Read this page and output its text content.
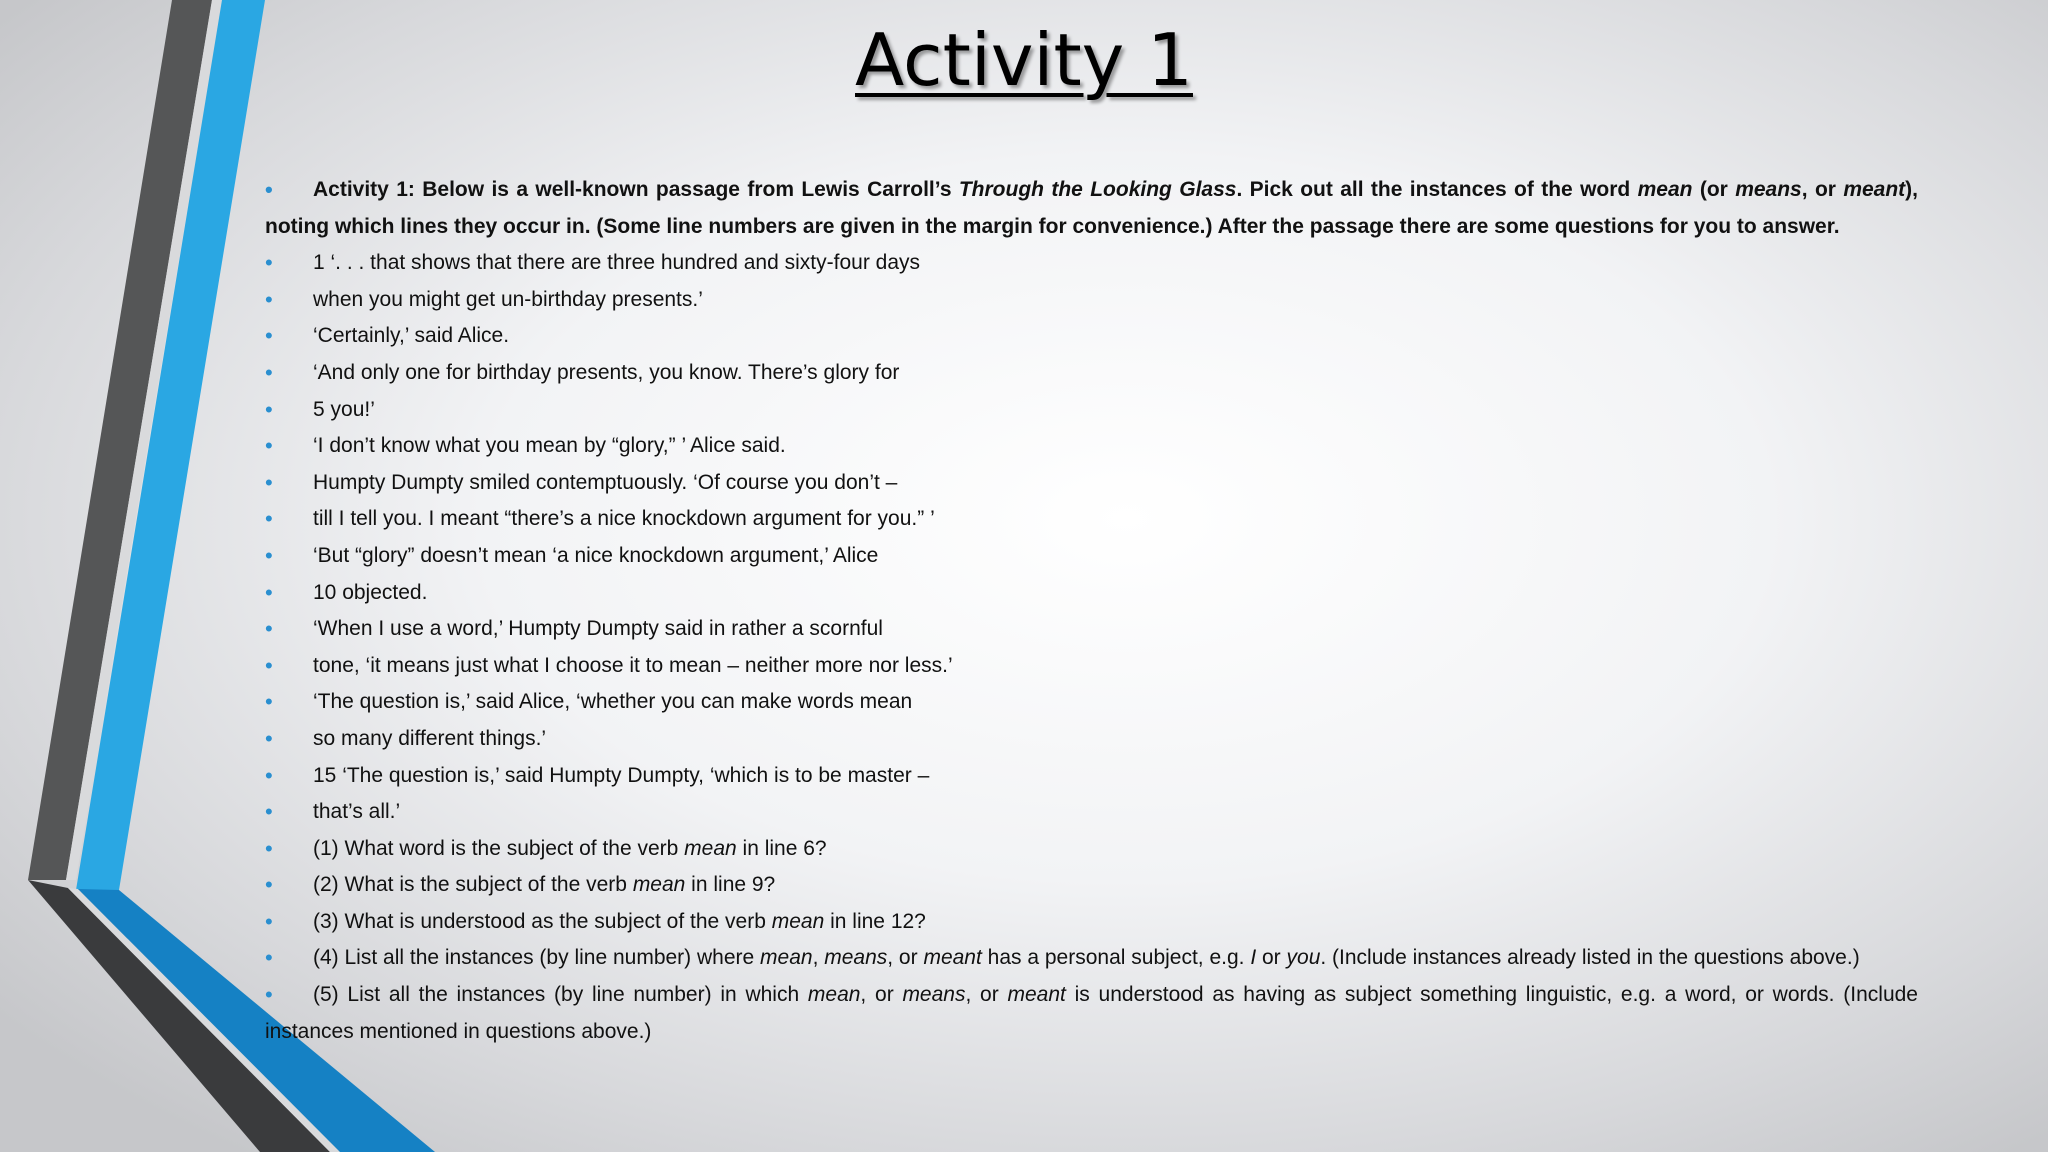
Activity 1
• Activity 1: Below is a well-known passage from Lewis Carroll’s Through the Looking Glass. Pick out all the instances of the word mean (or means, or meant), noting which lines they occur in. (Some line numbers are given in the margin for convenience.) After the passage there are some questions for you to answer.
• 1 ‘. . . that shows that there are three hundred and sixty-four days
• when you might get un-birthday presents.’
• ‘Certainly,’ said Alice.
• ‘And only one for birthday presents, you know. There’s glory for
• 5 you!’
• ‘I don’t know what you mean by “glory,” ’ Alice said.
• Humpty Dumpty smiled contemptuously. ‘Of course you don’t –
• till I tell you. I meant “there’s a nice knockdown argument for you.” ’
• ‘But “glory” doesn’t mean ‘a nice knockdown argument,’ Alice
• 10 objected.
• ‘When I use a word,’ Humpty Dumpty said in rather a scornful
• tone, ‘it means just what I choose it to mean – neither more nor less.’
• ‘The question is,’ said Alice, ‘whether you can make words mean
• so many different things.’
• 15 ‘The question is,’ said Humpty Dumpty, ‘which is to be master –
• that’s all.’
• (1) What word is the subject of the verb mean in line 6?
• (2) What is the subject of the verb mean in line 9?
• (3) What is understood as the subject of the verb mean in line 12?
• (4) List all the instances (by line number) where mean, means, or meant has a personal subject, e.g. I or you. (Include instances already listed in the questions above.)
• (5) List all the instances (by line number) in which mean, or means, or meant is understood as having as subject something linguistic, e.g. a word, or words. (Include instances mentioned in questions above.)
